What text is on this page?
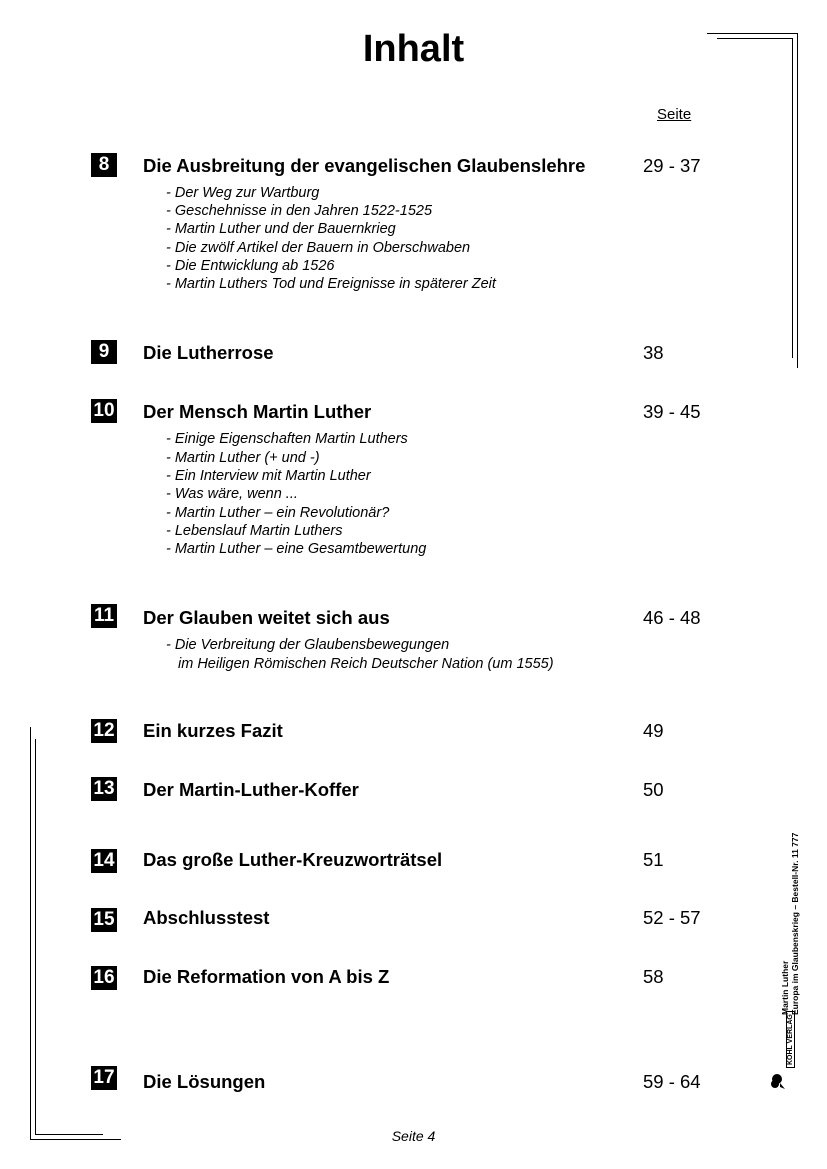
Inhalt
Seite
8	Die Ausbreitung der evangelischen Glaubenslehre	29 - 37
- Der Weg zur Wartburg
- Geschehnisse in den Jahren 1522-1525
- Martin Luther und der Bauernkrieg
- Die zwölf Artikel der Bauern in Oberschwaben
- Die Entwicklung ab 1526
- Martin Luthers Tod und Ereignisse in späterer Zeit
9	Die Lutherrose	38
10 Der Mensch Martin Luther	39 - 45
- Einige Eigenschaften Martin Luthers
- Martin Luther (+ und -)
- Ein Interview mit Martin Luther
- Was wäre, wenn ...
- Martin Luther – ein Revolutionär?
- Lebenslauf Martin Luthers
- Martin Luther – eine Gesamtbewertung
11 Der Glauben weitet sich aus	46 - 48
- Die Verbreitung der Glaubensbewegungen
im Heiligen Römischen Reich Deutscher Nation (um 1555)
12 Ein kurzes Fazit	49
13 Der Martin-Luther-Koffer	50
14 Das große Luther-Kreuzworträtsel	51
15 Abschlusstest	52 - 57
16 Die Reformation von A bis Z	58
17 Die Lösungen	59 - 64
Martin Luther Europa im Glaubenskrieg – Bestell-Nr. 11 777
KOHL VERLAG
Seite 4
